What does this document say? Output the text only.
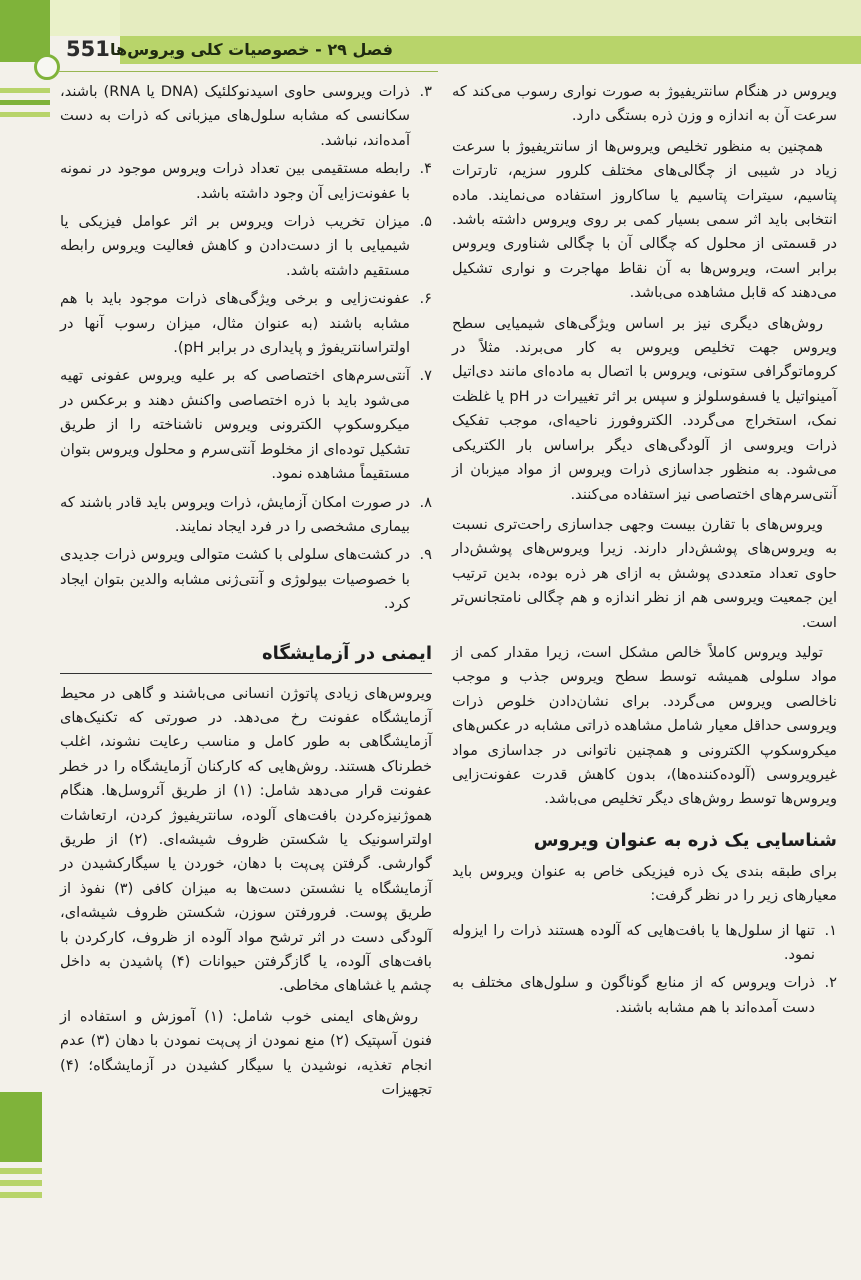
551 فصل ۲۹ - خصوصیات کلی ویروس‌ها

ویروس در هنگام سانتریفیوژ به صورت نواری رسوب می‌کند که سرعت آن به اندازه و وزن ذره بستگی دارد.

همچنین به منظور تخلیص ویروس‌ها از سانتریفیوژ با سرعت زیاد در شیبی از چگالی‌های مختلف کلرور سزیم، تارترات پتاسیم، سیترات پتاسیم یا ساکاروز استفاده می‌نمایند. ماده انتخابی باید اثر سمی بسیار کمی بر روی ویروس داشته باشد. در قسمتی از محلول که چگالی آن با چگالی شناوری ویروس برابر است، ویروس‌ها به آن نقاط مهاجرت و نواری تشکیل می‌دهند که قابل مشاهده می‌باشد.

روش‌های دیگری نیز بر اساس ویژگی‌های شیمیایی سطح ویروس جهت تخلیص ویروس به کار می‌برند. مثلاً در کروماتوگرافی ستونی، ویروس با اتصال به ماده‌ای مانند دی‌اتیل آمینواتیل یا فسفوسلولز و سپس بر اثر تغییرات در pH یا غلظت نمک، استخراج می‌گردد. الکتروفورز ناحیه‌ای، موجب تفکیک ذرات ویروسی از آلودگی‌های دیگر براساس بار الکتریکی می‌شود. به منظور جداسازی ذرات ویروس از مواد میزبان از آنتی‌سرم‌های اختصاصی نیز استفاده می‌کنند.

ویروس‌های با تقارن بیست وجهی جداسازی راحت‌تری نسبت به ویروس‌های پوشش‌دار دارند. زیرا ویروس‌های پوشش‌دار حاوی تعداد متعددی پوشش به ازای هر ذره بوده، بدین ترتیب این جمعیت ویروسی هم از نظر اندازه و هم چگالی نامتجانس‌تر است.

تولید ویروس کاملاً خالص مشکل است، زیرا مقدار کمی از مواد سلولی همیشه توسط سطح ویروس جذب و موجب ناخالصی ویروس می‌گردد. برای نشان‌دادن خلوص ذرات ویروسی حداقل معیار شامل مشاهده ذراتی مشابه در عکس‌های میکروسکوپ الکترونی و همچنین ناتوانی در جداسازی مواد غیرویروسی (آلوده‌کننده‌ها)، بدون کاهش قدرت عفونت‌زایی ویروس‌ها توسط روش‌های دیگر تخلیص می‌باشد.

شناسایی یک ذره به عنوان ویروس

برای طبقه بندی یک ذره فیزیکی خاص به عنوان ویروس باید معیارهای زیر را در نظر گرفت:

۱.
تنها از سلول‌ها یا بافت‌هایی که آلوده هستند ذرات را ایزوله نمود.
۲.
ذرات ویروس که از منابع گوناگون و سلول‌های مختلف به دست آمده‌اند با هم مشابه باشند.
۳.
ذرات ویروسی حاوی اسیدنوکلئیک (DNA یا RNA) باشند، سکانسی که مشابه سلول‌های میزبانی که ذرات به دست آمده‌اند، نباشد.
۴.
رابطه مستقیمی بین تعداد ذرات ویروس موجود در نمونه با عفونت‌زایی آن وجود داشته باشد.
۵.
میزان تخریب ذرات ویروس بر اثر عوامل فیزیکی یا شیمیایی با از دست‌دادن و کاهش فعالیت ویروس رابطه مستقیم داشته باشد.
۶.
عفونت‌زایی و برخی ویژگی‌های ذرات موجود باید با هم مشابه باشند (به عنوان مثال، میزان رسوب آنها در اولتراسانتریفوژ و پایداری در برابر pH).
۷.
آنتی‌سرم‌های اختصاصی که بر علیه ویروس عفونی تهیه می‌شود باید با ذره اختصاصی واکنش دهند و برعکس در میکروسکوپ الکترونی ویروس ناشناخته را از طریق تشکیل توده‌ای از مخلوط آنتی‌سرم و محلول ویروس بتوان مستقیماً مشاهده نمود.
۸.
در صورت امکان آزمایش، ذرات ویروس باید قادر باشند که بیماری مشخصی را در فرد ایجاد نمایند.
۹.
در کشت‌های سلولی با کشت متوالی ویروس ذرات جدیدی با خصوصیات بیولوژی و آنتی‌ژنی مشابه والدین بتوان ایجاد کرد.
ایمنی در آزمایشگاه

ویروس‌های زیادی پاتوژن انسانی می‌باشند و گاهی در محیط آزمایشگاه عفونت رخ می‌دهد. در صورتی که تکنیک‌های آزمایشگاهی به طور کامل و مناسب رعایت نشوند، اغلب خطرناک هستند. روش‌هایی که کارکنان آزمایشگاه را در خطر عفونت قرار می‌دهد شامل: (۱) از طریق آئروسل‌ها. هنگام هموژنیزه‌کردن بافت‌های آلوده، سانتریفیوژ کردن، ارتعاشات اولتراسونیک یا شکستن ظروف شیشه‌ای. (۲) از طریق گوارشی. گرفتن پی‌پت با دهان، خوردن یا سیگارکشیدن در آزمایشگاه یا نشستن دست‌ها به میزان کافی (۳) نفوذ از طریق پوست. فرورفتن سوزن، شکستن ظروف شیشه‌ای، آلودگی دست در اثر ترشح مواد آلوده از ظروف، کارکردن با بافت‌های آلوده، یا گازگرفتن حیوانات (۴) پاشیدن به داخل چشم یا غشاهای مخاطی.

روش‌های ایمنی خوب شامل: (۱) آموزش و استفاده از فنون آسپتیک (۲) منع نمودن از پی‌پت نمودن با دهان (۳) عدم انجام تغذیه، نوشیدن یا سیگار کشیدن در آزمایشگاه؛ (۴) تجهیزات
